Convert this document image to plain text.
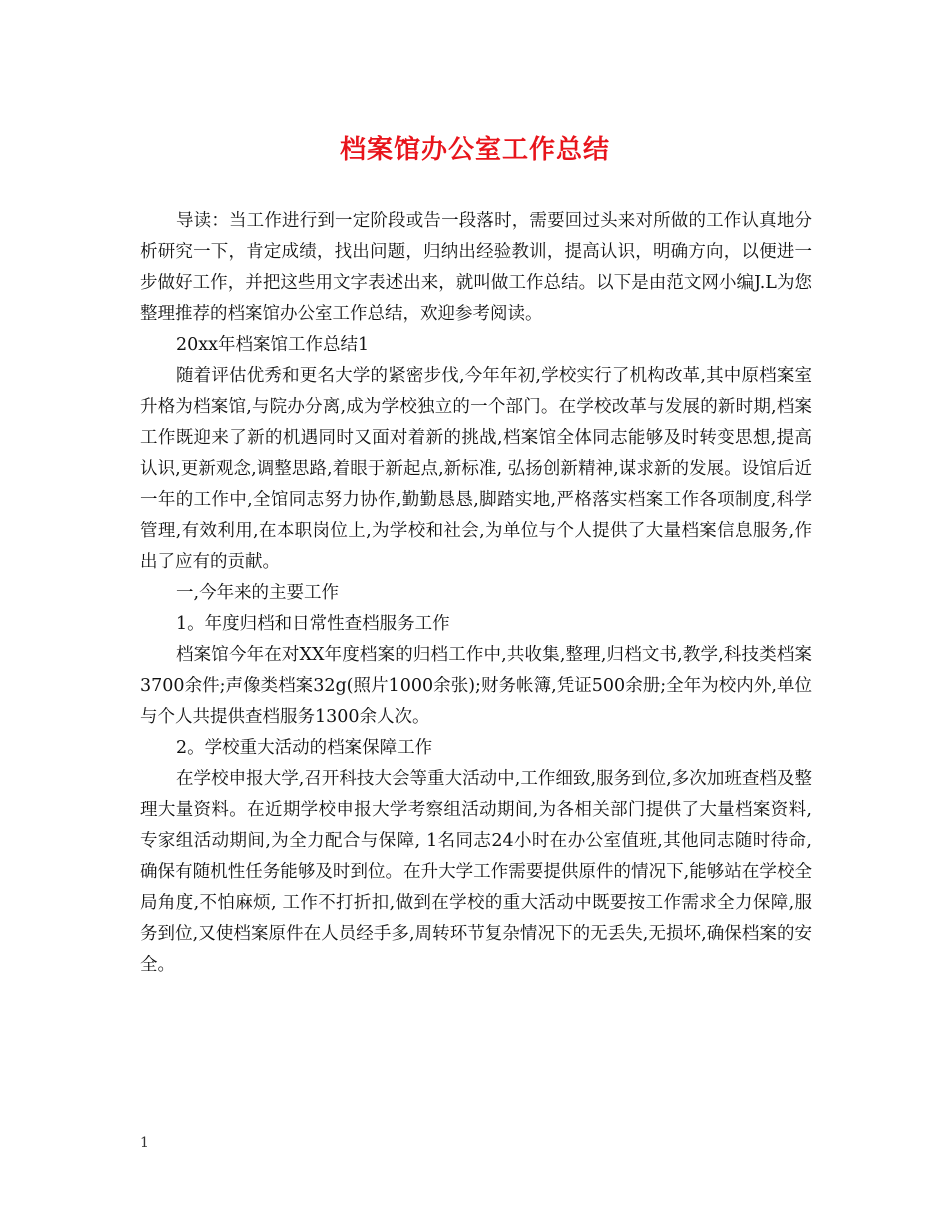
档案馆办公室工作总结

导读：当工作进行到一定阶段或告一段落时，需要回过头来对所做的工作认真地分析研究一下，肯定成绩，找出问题，归纳出经验教训，提高认识，明确方向，以便进一步做好工作，并把这些用文字表述出来，就叫做工作总结。以下是由范文网小编J.L为您整理推荐的档案馆办公室工作总结，欢迎参考阅读。

20xx年档案馆工作总结1

随着评估优秀和更名大学的紧密步伐,今年年初,学校实行了机构改革,其中原档案室升格为档案馆,与院办分离,成为学校独立的一个部门。在学校改革与发展的新时期,档案工作既迎来了新的机遇同时又面对着新的挑战,档案馆全体同志能够及时转变思想,提高认识,更新观念,调整思路,着眼于新起点,新标准, 弘扬创新精神,谋求新的发展。设馆后近一年的工作中,全馆同志努力协作,勤勤恳恳,脚踏实地,严格落实档案工作各项制度,科学管理,有效利用,在本职岗位上,为学校和社会,为单位与个人提供了大量档案信息服务,作出了应有的贡献。

一,今年来的主要工作

1。年度归档和日常性查档服务工作

档案馆今年在对XX年度档案的归档工作中,共收集,整理,归档文书,教学,科技类档案3700余件;声像类档案32g(照片1000余张);财务帐簿,凭证500余册;全年为校内外,单位与个人共提供查档服务1300余人次。

2。学校重大活动的档案保障工作

在学校申报大学,召开科技大会等重大活动中,工作细致,服务到位,多次加班查档及整理大量资料。在近期学校申报大学考察组活动期间,为各相关部门提供了大量档案资料,专家组活动期间,为全力配合与保障, 1名同志24小时在办公室值班,其他同志随时待命,确保有随机性任务能够及时到位。在升大学工作需要提供原件的情况下,能够站在学校全局角度,不怕麻烦, 工作不打折扣,做到在学校的重大活动中既要按工作需求全力保障,服务到位,又使档案原件在人员经手多,周转环节复杂情况下的无丢失,无损坏,确保档案的安全。

1
